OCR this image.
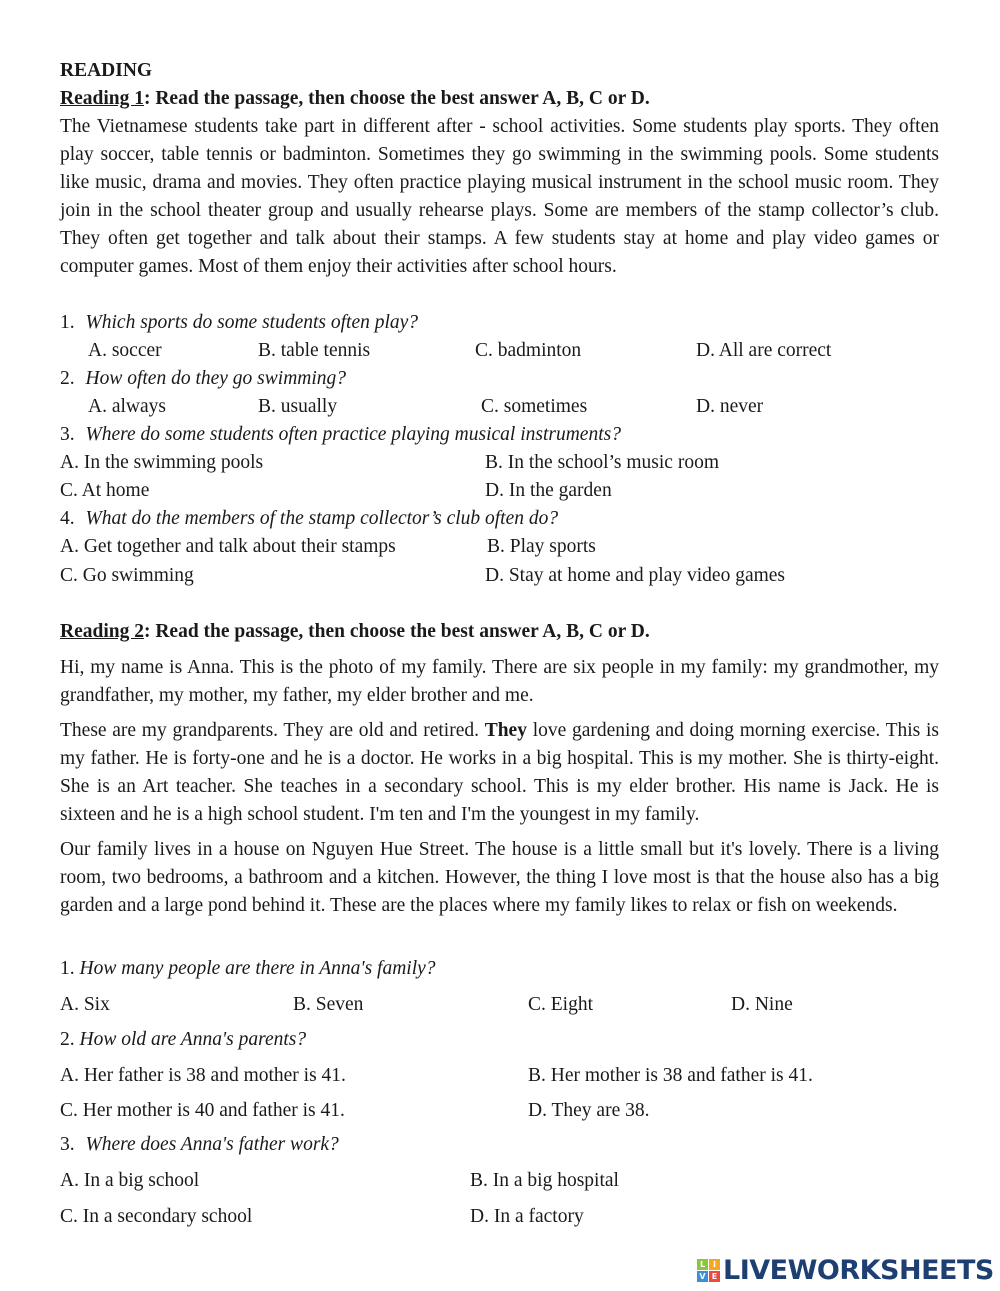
READING
Reading 1: Read the passage, then choose the best answer A, B, C or D.
The Vietnamese students take part in different after - school activities. Some students play sports. They often play soccer, table tennis or badminton. Sometimes they go swimming in the swimming pools. Some students like music, drama and movies. They often practice playing musical instrument in the school music room. They join in the school theater group and usually rehearse plays. Some are members of the stamp collector’s club. They often get together and talk about their stamps. A few students stay at home and play video games or computer games. Most of them enjoy their activities after school hours.
1. Which sports do some students often play?
A. soccer	B. table tennis	C. badminton	D. All are correct
2. How often do they go swimming?
A. always	B. usually	C. sometimes	D. never
3. Where do some students often practice playing musical instruments?
A. In the swimming pools	B. In the school’s music room
C. At home	D. In the garden
4. What do the members of the stamp collector’s club often do?
A. Get together and talk about their stamps	B. Play sports
C. Go swimming	D. Stay at home and play video games
Reading 2: Read the passage, then choose the best answer A, B, C or D.
Hi, my name is Anna. This is the photo of my family. There are six people in my family: my grandmother, my grandfather, my mother, my father, my elder brother and me.
These are my grandparents. They are old and retired. They love gardening and doing morning exercise. This is my father. He is forty-one and he is a doctor. He works in a big hospital. This is my mother. She is thirty-eight. She is an Art teacher. She teaches in a secondary school. This is my elder brother. His name is Jack. He is sixteen and he is a high school student. I'm ten and I'm the youngest in my family.
Our family lives in a house on Nguyen Hue Street. The house is a little small but it's lovely. There is a living room, two bedrooms, a bathroom and a kitchen. However, the thing I love most is that the house also has a big garden and a large pond behind it. These are the places where my family likes to relax or fish on weekends.
1. How many people are there in Anna's family?
A. Six	B. Seven	C. Eight	D. Nine
2. How old are Anna's parents?
A. Her father is 38 and mother is 41.	B. Her mother is 38 and father is 41.
C. Her mother is 40 and father is 41.	D. They are 38.
3. Where does Anna's father work?
A. In a big school	B. In a big hospital
C. In a secondary school	D. In a factory
L I
V E LIVEWORKSHEETS
